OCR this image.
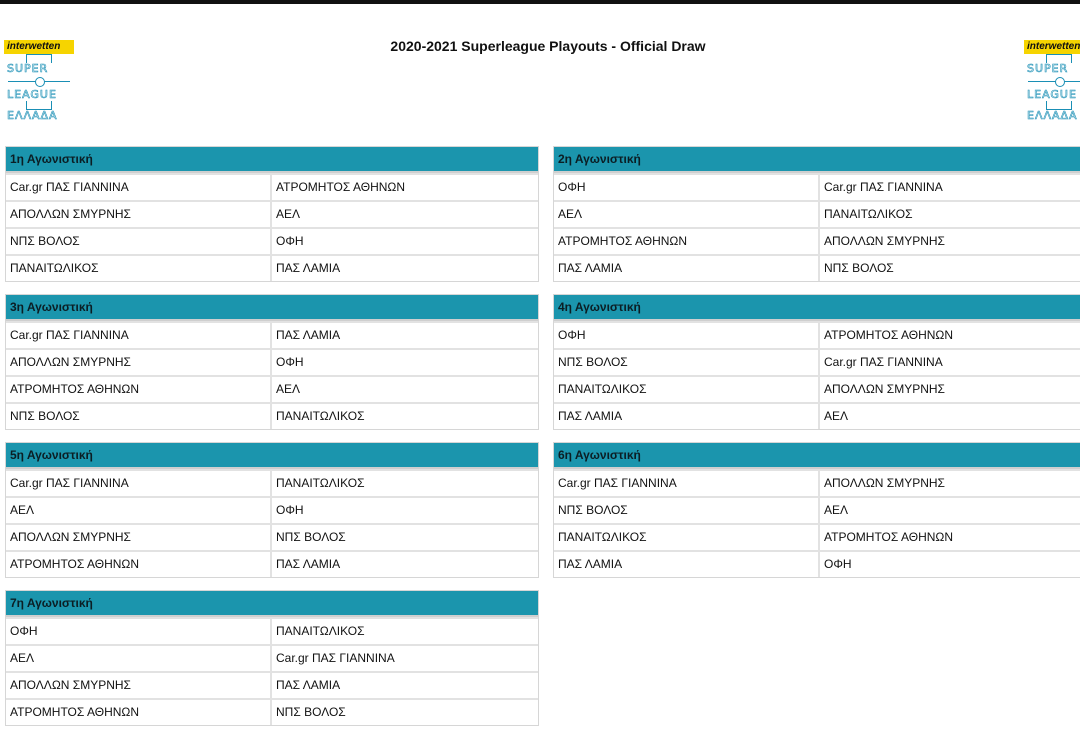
interwetten
SUPER
LEAGUE
ΕΛΛΑΔΑ
2020-2021 Superleague Playouts - Official Draw	interwetten
SUPER
LEAGUE
ΕΛΛΑΔΑ
1η Αγωνιστική
Car.gr ΠΑΣ ΓΙΑΝΝΙΝΑ	ΑΤΡΟΜΗΤΟΣ ΑΘΗΝΩΝ
ΑΠΟΛΛΩΝ ΣΜΥΡΝΗΣ	ΑΕΛ
ΝΠΣ ΒΟΛΟΣ	ΟΦΗ
ΠΑΝΑΙΤΩΛΙΚΟΣ	ΠΑΣ ΛΑΜΙΑ
2η Αγωνιστική
ΟΦΗ	Car.gr ΠΑΣ ΓΙΑΝΝΙΝΑ
ΑΕΛ	ΠΑΝΑΙΤΩΛΙΚΟΣ
ΑΤΡΟΜΗΤΟΣ ΑΘΗΝΩΝ	ΑΠΟΛΛΩΝ ΣΜΥΡΝΗΣ
ΠΑΣ ΛΑΜΙΑ	ΝΠΣ ΒΟΛΟΣ
3η Αγωνιστική
Car.gr ΠΑΣ ΓΙΑΝΝΙΝΑ	ΠΑΣ ΛΑΜΙΑ
ΑΠΟΛΛΩΝ ΣΜΥΡΝΗΣ	ΟΦΗ
ΑΤΡΟΜΗΤΟΣ ΑΘΗΝΩΝ	ΑΕΛ
ΝΠΣ ΒΟΛΟΣ	ΠΑΝΑΙΤΩΛΙΚΟΣ
4η Αγωνιστική
ΟΦΗ	ΑΤΡΟΜΗΤΟΣ ΑΘΗΝΩΝ
ΝΠΣ ΒΟΛΟΣ	Car.gr ΠΑΣ ΓΙΑΝΝΙΝΑ
ΠΑΝΑΙΤΩΛΙΚΟΣ	ΑΠΟΛΛΩΝ ΣΜΥΡΝΗΣ
ΠΑΣ ΛΑΜΙΑ	ΑΕΛ
5η Αγωνιστική
Car.gr ΠΑΣ ΓΙΑΝΝΙΝΑ	ΠΑΝΑΙΤΩΛΙΚΟΣ
ΑΕΛ	ΟΦΗ
ΑΠΟΛΛΩΝ ΣΜΥΡΝΗΣ	ΝΠΣ ΒΟΛΟΣ
ΑΤΡΟΜΗΤΟΣ ΑΘΗΝΩΝ	ΠΑΣ ΛΑΜΙΑ
6η Αγωνιστική
Car.gr ΠΑΣ ΓΙΑΝΝΙΝΑ	ΑΠΟΛΛΩΝ ΣΜΥΡΝΗΣ
ΝΠΣ ΒΟΛΟΣ	ΑΕΛ
ΠΑΝΑΙΤΩΛΙΚΟΣ	ΑΤΡΟΜΗΤΟΣ ΑΘΗΝΩΝ
ΠΑΣ ΛΑΜΙΑ	ΟΦΗ
7η Αγωνιστική
ΟΦΗ	ΠΑΝΑΙΤΩΛΙΚΟΣ
ΑΕΛ	Car.gr ΠΑΣ ΓΙΑΝΝΙΝΑ
ΑΠΟΛΛΩΝ ΣΜΥΡΝΗΣ	ΠΑΣ ΛΑΜΙΑ
ΑΤΡΟΜΗΤΟΣ ΑΘΗΝΩΝ	ΝΠΣ ΒΟΛΟΣ
